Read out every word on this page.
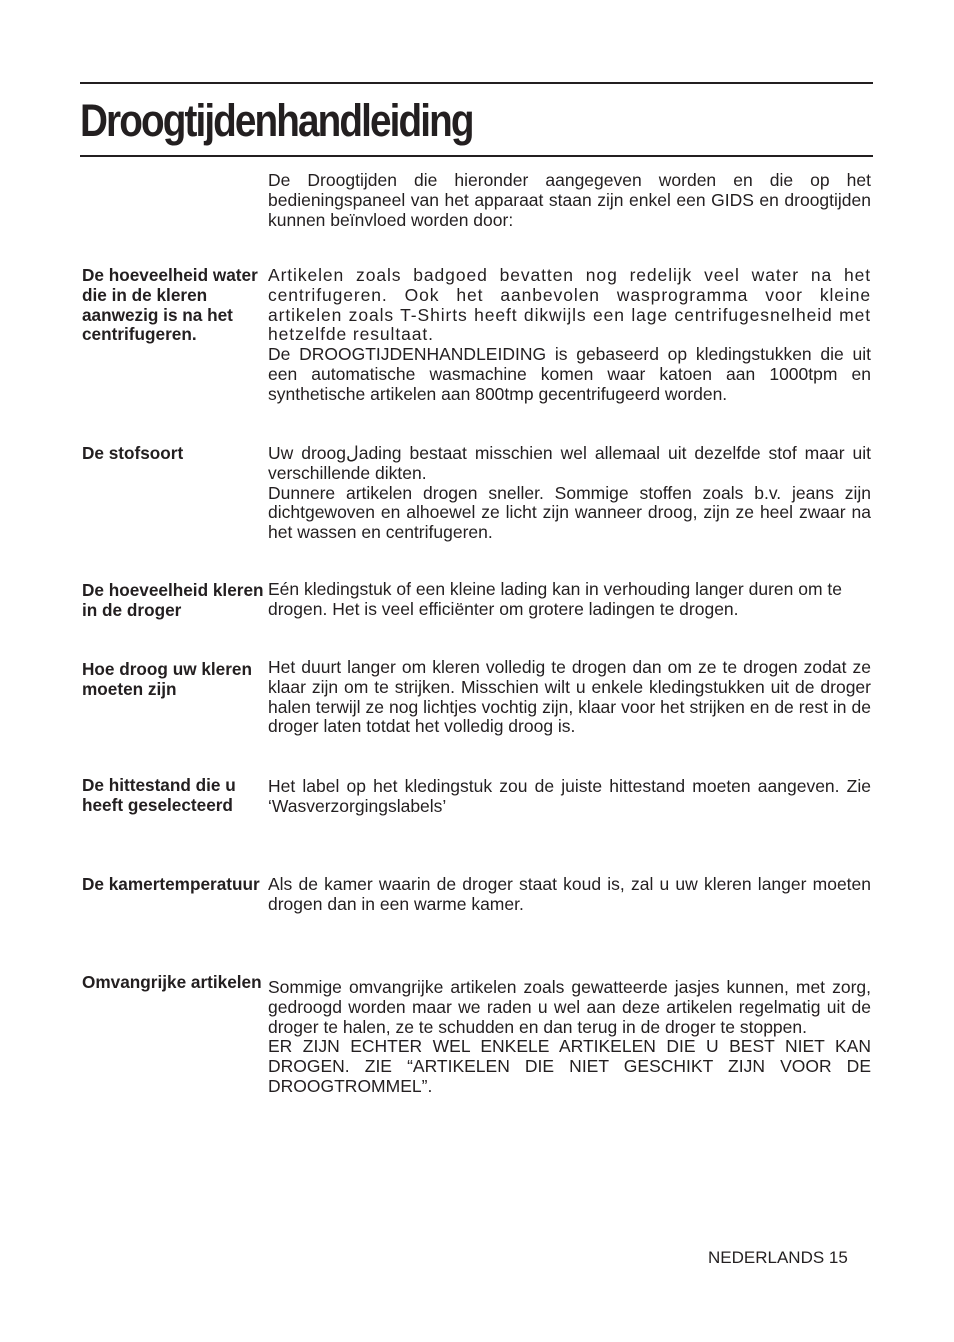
Droogtijdenhandleiding

De Droogtijden die hieronder aangegeven worden en die op het bedieningspaneel van het apparaat staan zijn enkel een GIDS en droogtijden kunnen beïnvloed worden door:

De hoeveelheid water die in de kleren aanwezig is na het centrifugeren.

Artikelen zoals badgoed bevatten nog redelijk veel water na het centrifugeren. Ook het aanbevolen wasprogramma voor kleine artikelen zoals T-Shirts heeft dikwijls een lage centrifugesnelheid met hetzelfde resultaat.
De DROOGTIJDENHANDLEIDING is gebaseerd op kledingstukken die uit een automatische wasmachine komen waar katoen aan 1000tpm en synthetische artikelen aan 800tmp gecentrifugeerd worden.

De stofsoort	Uw droogلading bestaat misschien wel allemaal uit dezelfde stof maar uit verschillende dikten.
Dunnere artikelen drogen sneller. Sommige stoffen zoals b.v. jeans zijn dichtgewoven en alhoewel ze licht zijn wanneer droog, zijn ze heel zwaar na het wassen en centrifugeren.

De hoeveelheid kleren in de droger

Eén kledingstuk of een kleine lading kan in verhouding langer duren om te drogen. Het is veel efficiënter om grotere ladingen te drogen.

Hoe droog uw kleren moeten zijn

Het duurt langer om kleren volledig te drogen dan om ze te drogen zodat ze klaar zijn om te strijken. Misschien wilt u enkele kledingstukken uit de droger halen terwijl ze nog lichtjes vochtig zijn, klaar voor het strijken en de rest in de droger laten totdat het volledig droog is.

De hittestand die u heeft geselecteerd

Het label op het kledingstuk zou de juiste hittestand moeten aangeven. Zie ‘Wasverzorgingslabels’

De kamertemperatuur Als de kamer waarin de droger staat koud is, zal u uw kleren langer moeten drogen dan in een warme kamer.

Omvangrijke artikelen Sommige omvangrijke artikelen zoals gewatteerde jasjes kunnen, met zorg, gedroogd worden maar we raden u wel aan deze artikelen regelmatig uit de droger te halen, ze te schudden en dan terug in de droger te stoppen.
ER ZIJN ECHTER WEL ENKELE ARTIKELEN DIE U BEST NIET KAN DROGEN. ZIE “ARTIKELEN DIE NIET GESCHIKT ZIJN VOOR DE DROOGTROMMEL”.

NEDERLANDS 15
